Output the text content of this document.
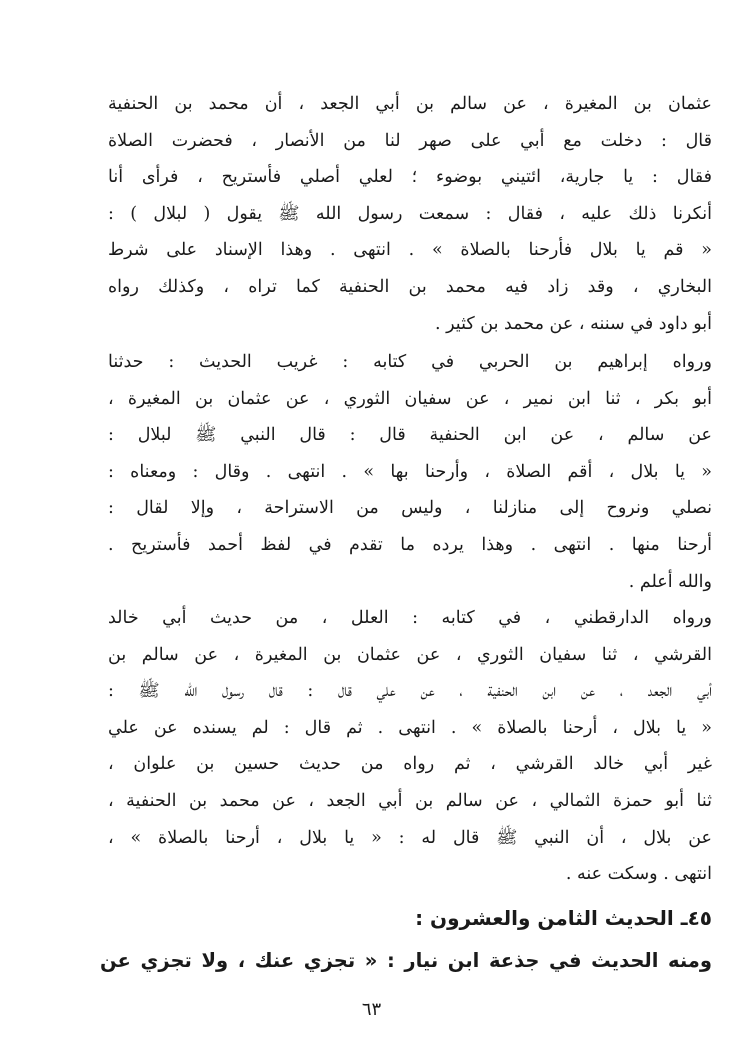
عثمان بن المغيرة ، عن سالم بن أبي الجعد ، أن محمد بن الحنفية
قال : دخلت مع أبي على صهر لنا من الأنصار ، فحضرت الصلاة
فقال : يا جارية، ائتيني بوضوء ؛ لعلي أصلي فأستريح ، فرأى أنا
أنكرنا ذلك عليه ، فقال : سمعت رسول الله ﷺ يقول ( لبلال ) :
« قم يا بلال فأرحنا بالصلاة » . انتهى . وهذا الإسناد على شرط
البخاري ، وقد زاد فيه محمد بن الحنفية كما تراه ، وكذلك رواه
أبو داود في سننه ، عن محمد بن كثير .
ورواه إبراهيم بن الحربي في كتابه : غريب الحديث : حدثنا
أبو بكر ، ثنا ابن نمير ، عن سفيان الثوري ، عن عثمان بن المغيرة ،
عن سالم ، عن ابن الحنفية قال : قال النبي ﷺ لبلال :
« يا بلال ، أقم الصلاة ، وأرحنا بها » . انتهى . وقال : ومعناه :
نصلي ونروح إلى منازلنا ، وليس من الاستراحة ، وإلا لقال :
أرحنا منها . انتهى . وهذا يرده ما تقدم في لفظ أحمد فأستريح .
والله أعلم .
ورواه الدارقطني ، في كتابه : العلل ، من حديث أبي خالد
القرشي ، ثنا سفيان الثوري ، عن عثمان بن المغيرة ، عن سالم بن
أبي الجعد ، عن ابن الحنفية ، عن علي قال : قال رسول الله ﷺ :
« يا بلال ، أرحنا بالصلاة » . انتهى . ثم قال : لم يسنده عن علي
غير أبي خالد القرشي ، ثم رواه من حديث حسين بن علوان ،
ثنا أبو حمزة الثمالي ، عن سالم بن أبي الجعد ، عن محمد بن الحنفية ،
عن بلال ، أن النبي ﷺ قال له : « يا بلال ، أرحنا بالصلاة » ،
انتهى . وسكت عنه .
٤٥ـ الحديث الثامن والعشرون :
ومنه الحديث في جذعة ابن نيار : « تجزي عنك ، ولا تجزي عن
٦٣
